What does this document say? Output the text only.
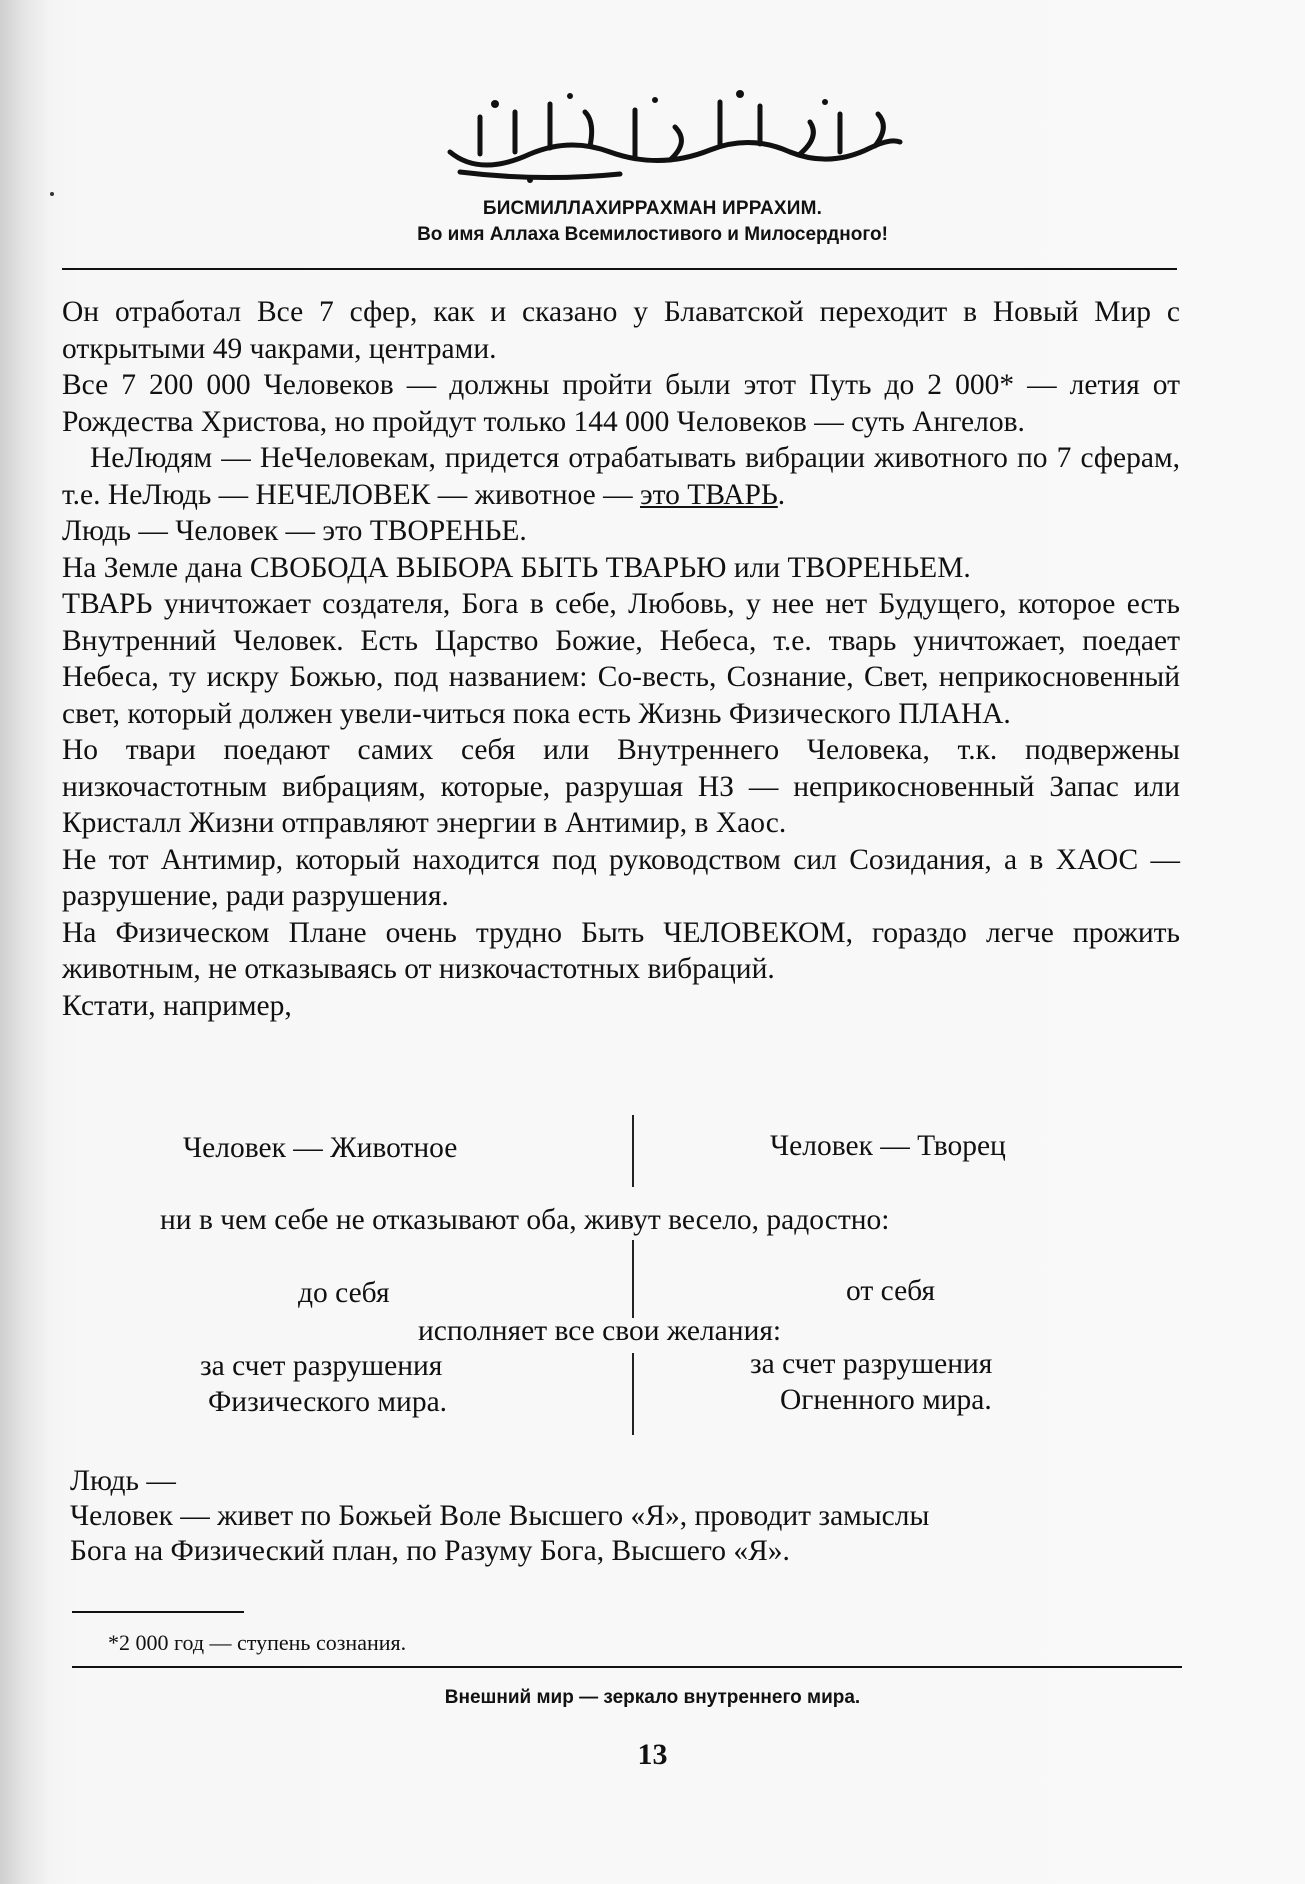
БИСМИЛЛАХИРРАХМАН ИРРАХИМ.
Во имя Аллаха Всемилостивого и Милосердного!

Он отработал Все 7 сфер, как и сказано у Блаватской переходит в Новый Мир с открытыми 49 чакрами, центрами.

Все 7 200 000 Человеков — должны пройти были этот Путь до 2 000* — летия от Рождества Христова, но пройдут только 144 000 Человеков — суть Ангелов.

НеЛюдям — НеЧеловекам, придется отрабатывать вибрации животного по 7 сферам, т.е. НеЛюдь — НЕЧЕЛОВЕК — животное — это ТВАРЬ.

Людь — Человек — это ТВОРЕНЬЕ.

На Земле дана СВОБОДА ВЫБОРА БЫТЬ ТВАРЬЮ или ТВОРЕНЬЕМ.

ТВАРЬ уничтожает создателя, Бога в себе, Любовь, у нее нет Будущего, которое есть Внутренний Человек. Есть Царство Божие, Небеса, т.е. тварь уничтожает, поедает Небеса, ту искру Божью, под названием: Со-весть, Сознание, Свет, неприкосновенный свет, который должен увели-читься пока есть Жизнь Физического ПЛАНА.

Но твари поедают самих себя или Внутреннего Человека, т.к. подвержены низкочастотным вибрациям, которые, разрушая НЗ — неприкосновенный Запас или Кристалл Жизни отправляют энергии в Антимир, в Хаос.

Не тот Антимир, который находится под руководством сил Созидания, а в ХАОС — разрушение, ради разрушения.

На Физическом Плане очень трудно Быть ЧЕЛОВЕКОМ, гораздо легче прожить животным, не отказываясь от низкочастотных вибраций.

Кстати, например,

Человек — Животное	Человек — Творец
ни в чем себе не отказывают оба, живут весело, радостно:
до себя	от себя
исполняет все свои желания:
за счет разрушения
Физического мира.
за счет разрушения
Огненного мира.
Людь —
Человек — живет по Божьей Воле Высшего «Я», проводит замыслы
Бога на Физический план, по Разуму Бога, Высшего «Я».
*2 000 год — ступень сознания.
Внешний мир — зеркало внутреннего мира.
13
